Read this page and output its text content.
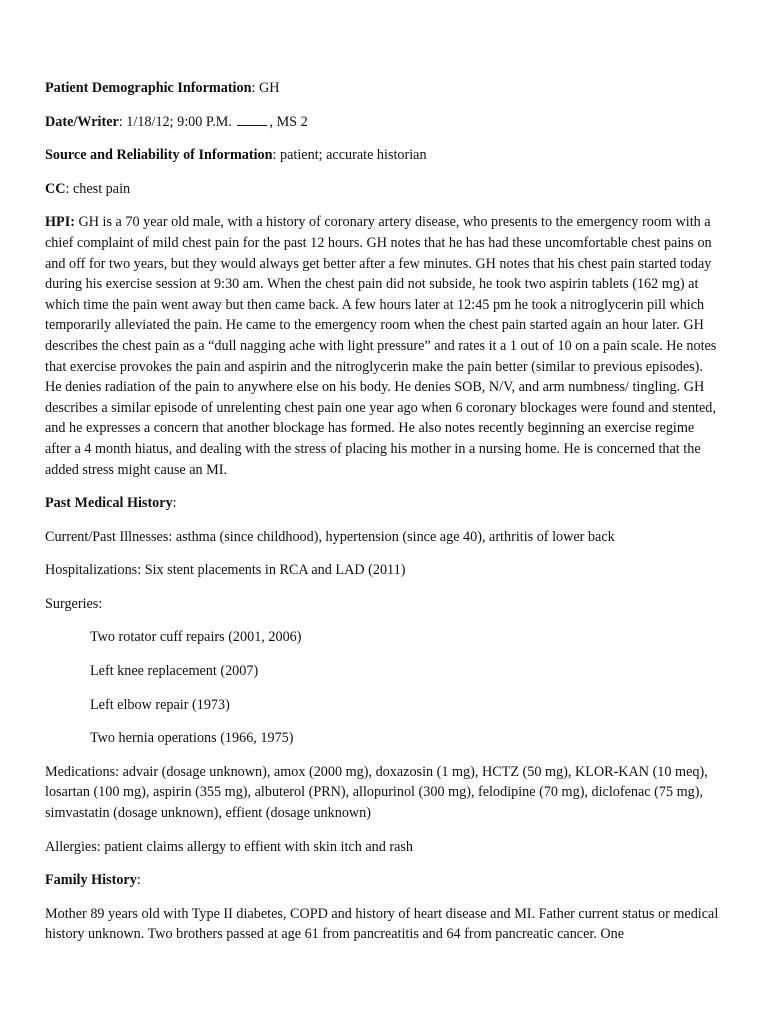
Patient Demographic Information: GH

Date/Writer: 1/18/12; 9:00 P.M. , MS 2

Source and Reliability of Information: patient; accurate historian

CC: chest pain

HPI: GH is a 70 year old male, with a history of coronary artery disease, who presents to the emergency room with a chief complaint of mild chest pain for the past 12 hours. GH notes that he has had these uncomfortable chest pains on and off for two years, but they would always get better after a few minutes. GH notes that his chest pain started today during his exercise session at 9:30 am. When the chest pain did not subside, he took two aspirin tablets (162 mg) at which time the pain went away but then came back. A few hours later at 12:45 pm he took a nitroglycerin pill which temporarily alleviated the pain. He came to the emergency room when the chest pain started again an hour later. GH describes the chest pain as a “dull nagging ache with light pressure” and rates it a 1 out of 10 on a pain scale. He notes that exercise provokes the pain and aspirin and the nitroglycerin make the pain better (similar to previous episodes). He denies radiation of the pain to anywhere else on his body. He denies SOB, N/V, and arm numbness/ tingling. GH describes a similar episode of unrelenting chest pain one year ago when 6 coronary blockages were found and stented, and he expresses a concern that another blockage has formed. He also notes recently beginning an exercise regime after a 4 month hiatus, and dealing with the stress of placing his mother in a nursing home. He is concerned that the added stress might cause an MI.

Past Medical History:

Current/Past Illnesses: asthma (since childhood), hypertension (since age 40), arthritis of lower back

Hospitalizations: Six stent placements in RCA and LAD (2011)

Surgeries:

Two rotator cuff repairs (2001, 2006)

Left knee replacement (2007)

Left elbow repair (1973)

Two hernia operations (1966, 1975)

Medications: advair (dosage unknown), amox (2000 mg), doxazosin (1 mg), HCTZ (50 mg), KLOR-KAN (10 meq), losartan (100 mg), aspirin (355 mg), albuterol (PRN), allopurinol (300 mg), felodipine (70 mg), diclofenac (75 mg), simvastatin (dosage unknown), effient (dosage unknown)

Allergies: patient claims allergy to effient with skin itch and rash

Family History:

Mother 89 years old with Type II diabetes, COPD and history of heart disease and MI. Father current status or medical history unknown. Two brothers passed at age 61 from pancreatitis and 64 from pancreatic cancer. One
